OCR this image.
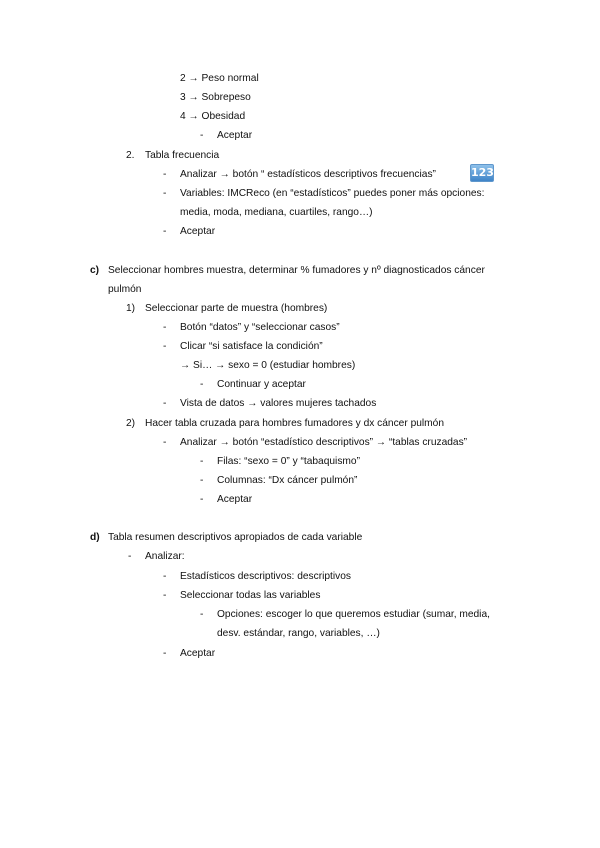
2 → Peso normal
3 → Sobrepeso
4 → Obesidad
- Aceptar
2. Tabla frecuencia
- Analizar → botón “ estadísticos descriptivos frecuencias”	123
- Variables: IMCReco (en “estadísticos” puedes poner más opciones:
media, moda, mediana, cuartiles, rango…)
- Aceptar
c) Seleccionar hombres muestra, determinar % fumadores y nº diagnosticados cáncer
pulmón
1) Seleccionar parte de muestra (hombres)
- Botón “datos” y “seleccionar casos”
- Clicar “si satisface la condición”
→ Si… → sexo = 0 (estudiar hombres)
- Continuar y aceptar
- Vista de datos → valores mujeres tachados
2) Hacer tabla cruzada para hombres fumadores y dx cáncer pulmón
- Analizar → botón “estadístico descriptivos” → “tablas cruzadas”
- Filas: “sexo = 0” y “tabaquismo”
- Columnas: “Dx cáncer pulmón”
- Aceptar
d) Tabla resumen descriptivos apropiados de cada variable
- Analizar:
- Estadísticos descriptivos: descriptivos
- Seleccionar todas las variables
- Opciones: escoger lo que queremos estudiar (sumar, media,
desv. estándar, rango, variables, …)
- Aceptar
